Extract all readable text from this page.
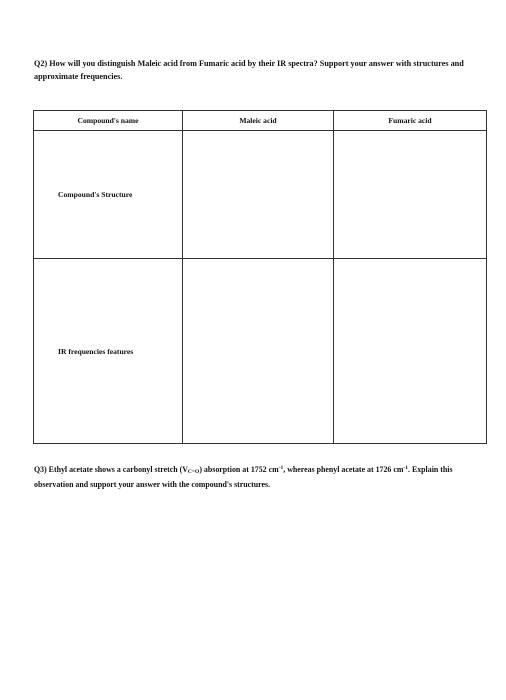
Q2) How will you distinguish Maleic acid from Fumaric acid by their IR spectra? Support your answer with structures and approximate frequencies.
Compound's name	Maleic acid	Fumaric acid
Compound's Structure		
IR frequencies features		
Q3) Ethyl acetate shows a carbonyl stretch $(V_{C=O})$ absorption at 1752 $cm^{-1}$, whereas phenyl acetate at 1726 $cm^{-1}$. Explain this observation and support your answer with the compound's structures.
